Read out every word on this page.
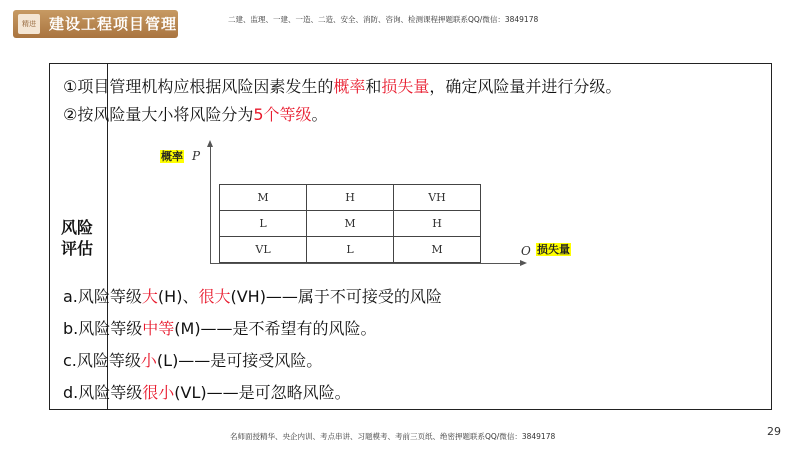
精进 建设工程项目管理	二建、监理、一建、一造、二造、安全、消防、咨询、检测课程押题联系QQ/微信：3849178
风险
评估
①项目管理机构应根据风险因素发生的概率和损失量，确定风险量并进行分级。
②按风险量大小将风险分为5个等级。
概率 P
O 损失量
M	H	VH
L	M	H
VL	L	M
a.风险等级大(H)、很大(VH)——属于不可接受的风险
b.风险等级中等(M)——是不希望有的风险。
c.风险等级小(L)——是可接受风险。
d.风险等级很小(VL)——是可忽略风险。
29
名师面授精华、央企内训、考点串讲、习题模考、考前三页纸、绝密押题联系QQ/微信：3849178
